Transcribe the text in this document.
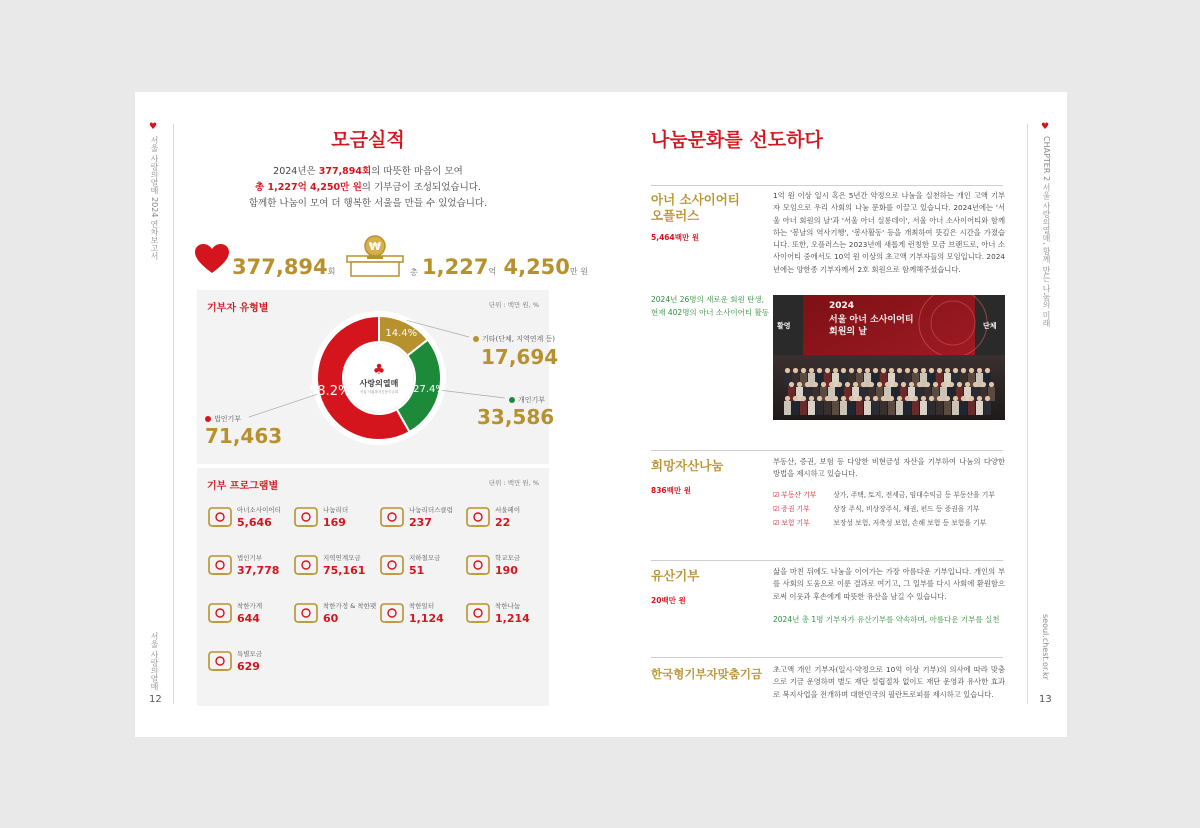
♥
서울 사랑의열매 2024 연차보고서
서울 사랑의열매
12
모금실적
2024년은 377,894회의 따뜻한 마음이 모여
총 1,227억 4,250만 원의 기부금이 조성되었습니다.
함께한 나눔이 모여 더 행복한 서울을 만들 수 있었습니다.
377,894회
₩
총 1,227억 4,250만 원
기부자 유형별	단위 : 백만 원, %
♣
사랑의열매
서울 사회복지공동모금회
14.4%
27.4%
58.2%
기타(단체, 지역연계 등)
17,694
개인기부
33,586
법인기부
71,463
기부 프로그램별	단위 : 백만 원, %
아너소사이어티
5,646
나눔리더
169
나눔리더스클럽
237
서울페이
22
법인기부
37,778
지역연계모금
75,161
지하철모금
51
학교모금
190
착한가게
644
착한가정 & 착한펫
60
착한일터
1,124
착한나눔
1,214
특별모금
629
♥
CHAPTER 2 서울 사랑의열매, 함께 만든 나눔의 미래
seoul.chest.or.kr
13
나눔문화를 선도하다
아너 소사이어티
오플러스
5,464백만 원
1억 원 이상 일시 혹은 5년간 약정으로 나눔을 실천하는 개인 고액 기부자 모임으로 우리 사회의 나눔 문화를 이끌고 있습니다. 2024년에는 '서울 아너 회원의 날'과 '서울 아너 실롱데이', 서울 아너 소사이어티와 함께하는 '봉날의 역사기행', '봉사활동' 등을 개최하여 뜻깊은 시간을 가졌습니다. 또한, 오플러스는 2023년에 새롭게 런칭한 모금 브랜드로, 아너 소사이어티 중에서도 10억 원 이상의 초고액 기부자들의 모임입니다. 2024년에는 양한종 기부자께서 2호 회원으로 함께해주셨습니다.
2024년 26명의 새로운 회원 탄생,
현재 402명의 아너 소사이어티 활동
2024
서울 아너 소사이어티
회원의 날
활영	단체
희망자산나눔
836백만 원
부동산, 증권, 보험 등 다양한 비현금성 자산을 기부하여 나눔의 다양한 방법을 제시하고 있습니다.
☑ 부동산 기부	상가, 주택, 토지, 전세금, 임대수익금 등 부동산을 기부
☑ 증권 기부	상장 주식, 비상장주식, 채권, 펀드 등 증권을 기부
☑ 보험 기부	보장성 보험, 저축성 보험, 손해 보험 등 보험을 기부
유산기부
20백만 원
삶을 마친 뒤에도 나눔을 이어가는 가장 아름다운 기부입니다. 개인의 부를 사회의 도움으로 이룬 결과로 여기고, 그 일부를 다시 사회에 환원함으로써 이웃과 후손에게 따뜻한 유산을 남길 수 있습니다.
2024년 총 1명 기부자가 유산기부를 약속하며, 아름다운 기부를 실천
한국형기부자맞춤기금 초고액 개인 기부자(일시·약정으로 10억 이상 기부)의 의사에 따라 맞춤으로 기금 운영하며 별도 재단 설립절차 없이도 재단 운영과 유사한 효과로 복지사업을 전개하며 대한민국의 필란트로피를 제시하고 있습니다.
